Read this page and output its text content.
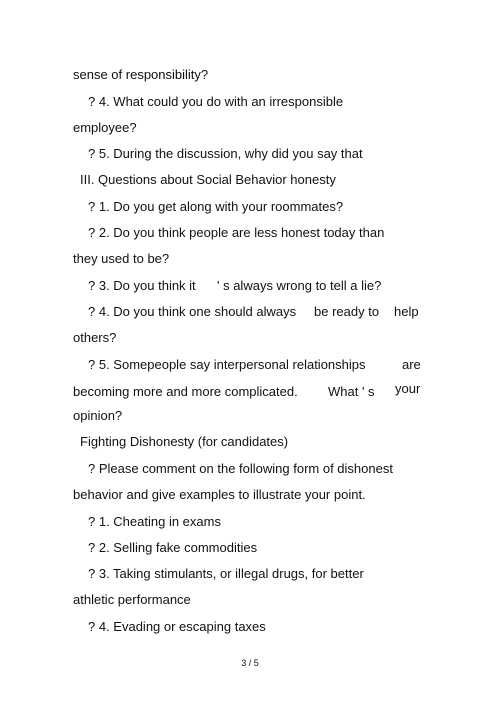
sense of responsibility?
? 4. What could you do with an irresponsible
employee?
? 5. During the discussion, why did you say that
III. Questions about Social Behavior honesty
? 1. Do you get along with your roommates?
? 2. Do you think people are less honest today than
they used to be?
? 3. Do you think it ' s always wrong to tell a lie?
? 4. Do you think one should always be ready to help
others?
? 5. Somepeople say interpersonal relationships	are
becoming more and more complicated. What ' s your
opinion?
Fighting Dishonesty (for candidates)
? Please comment on the following form of dishonest
behavior and give examples to illustrate your point.
? 1. Cheating in exams
? 2. Selling fake commodities
? 3. Taking stimulants, or illegal drugs, for better
athletic performance
? 4. Evading or escaping taxes
3 / 5
